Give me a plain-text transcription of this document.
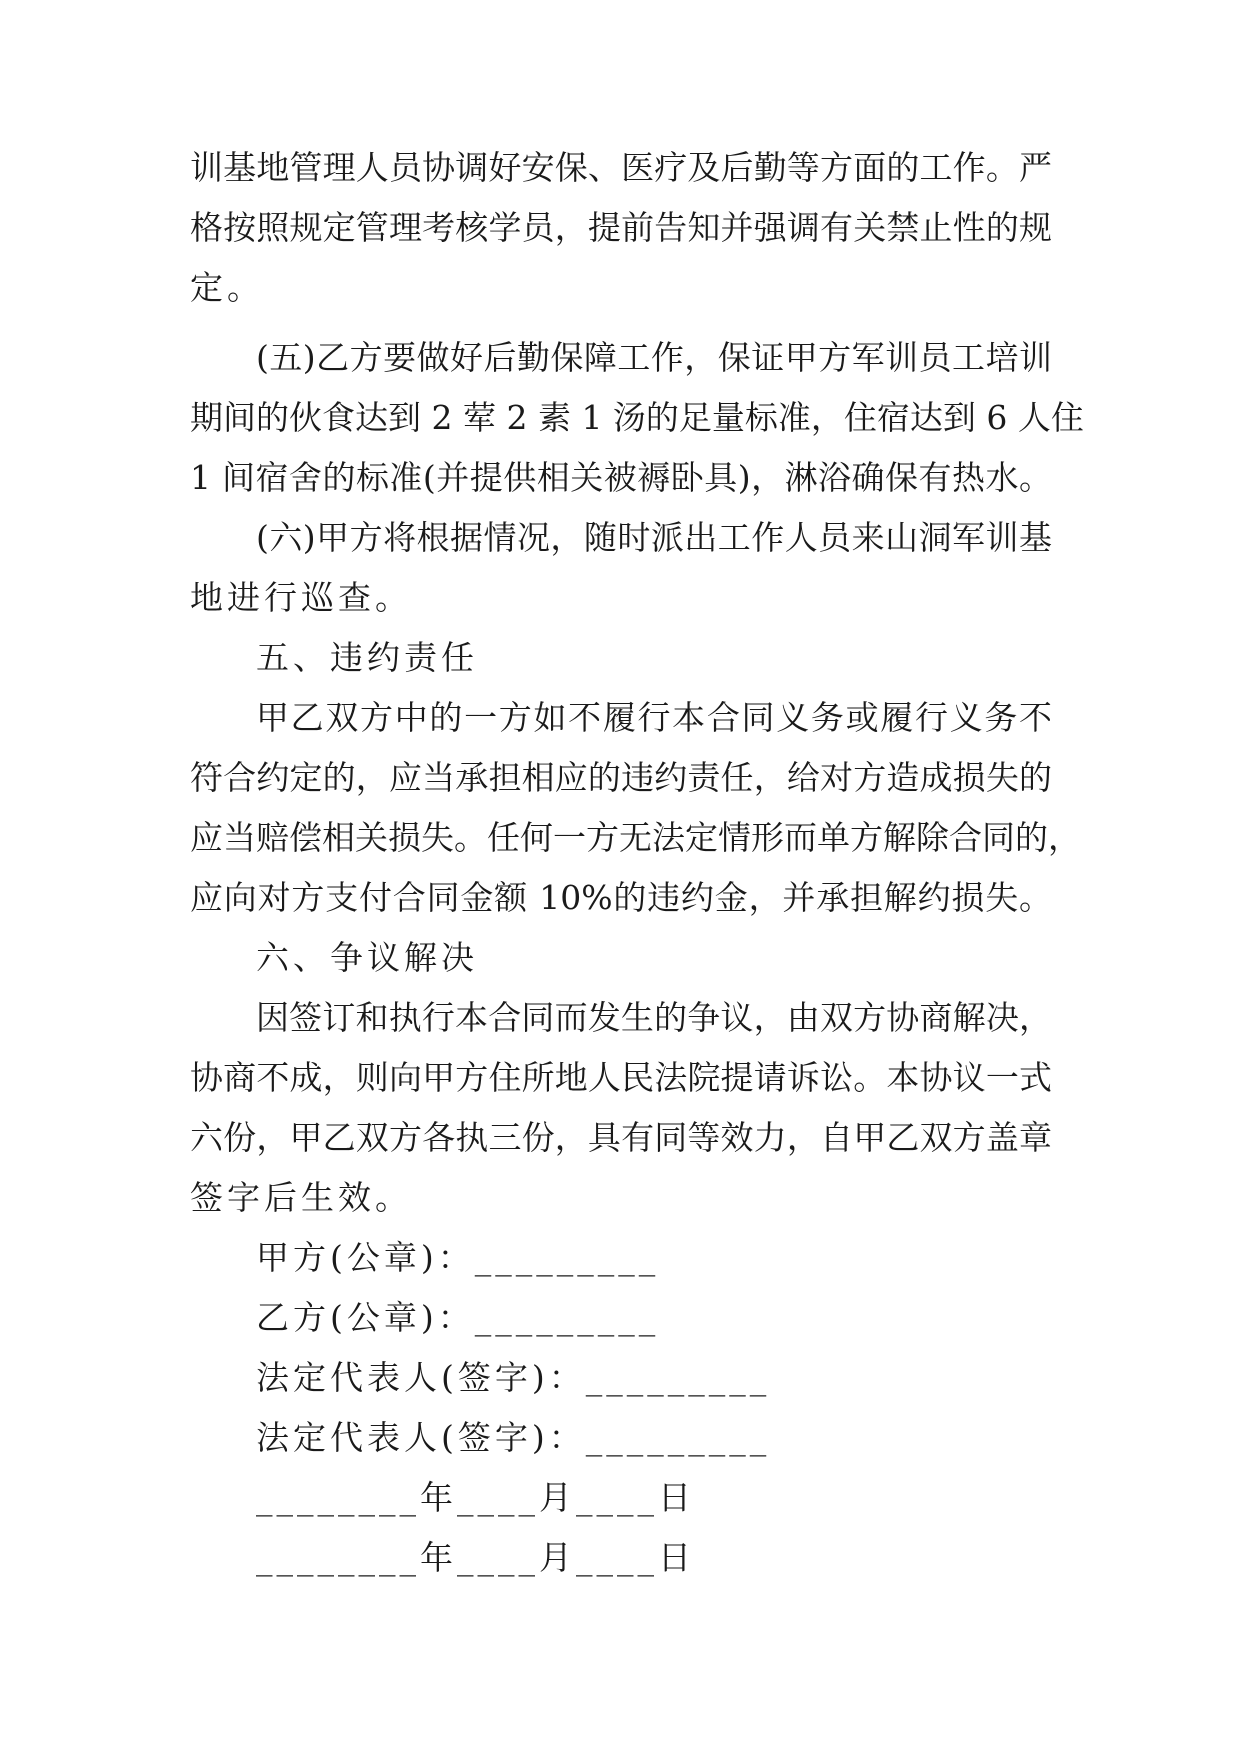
训基地管理人员协调好安保、医疗及后勤等方面的工作。严
格按照规定管理考核学员，提前告知并强调有关禁止性的规
定。
(五)乙方要做好后勤保障工作，保证甲方军训员工培训
期间的伙食达到 2 荤 2 素 1 汤的足量标准，住宿达到 6 人住
1 间宿舍的标准(并提供相关被褥卧具)，淋浴确保有热水。
(六)甲方将根据情况，随时派出工作人员来山洞军训基
地进行巡查。
五、违约责任
甲乙双方中的一方如不履行本合同义务或履行义务不
符合约定的，应当承担相应的违约责任，给对方造成损失的
应当赔偿相关损失。任何一方无法定情形而单方解除合同的，
应向对方支付合同金额 10%的违约金，并承担解约损失。
六、争议解决
因签订和执行本合同而发生的争议，由双方协商解决，
协商不成，则向甲方住所地人民法院提请诉讼。本协议一式
六份，甲乙双方各执三份，具有同等效力，自甲乙双方盖章
签字后生效。
甲方(公章)：_________
乙方(公章)：_________
法定代表人(签字)：_________
法定代表人(签字)：_________
________年____月____日
________年____月____日
